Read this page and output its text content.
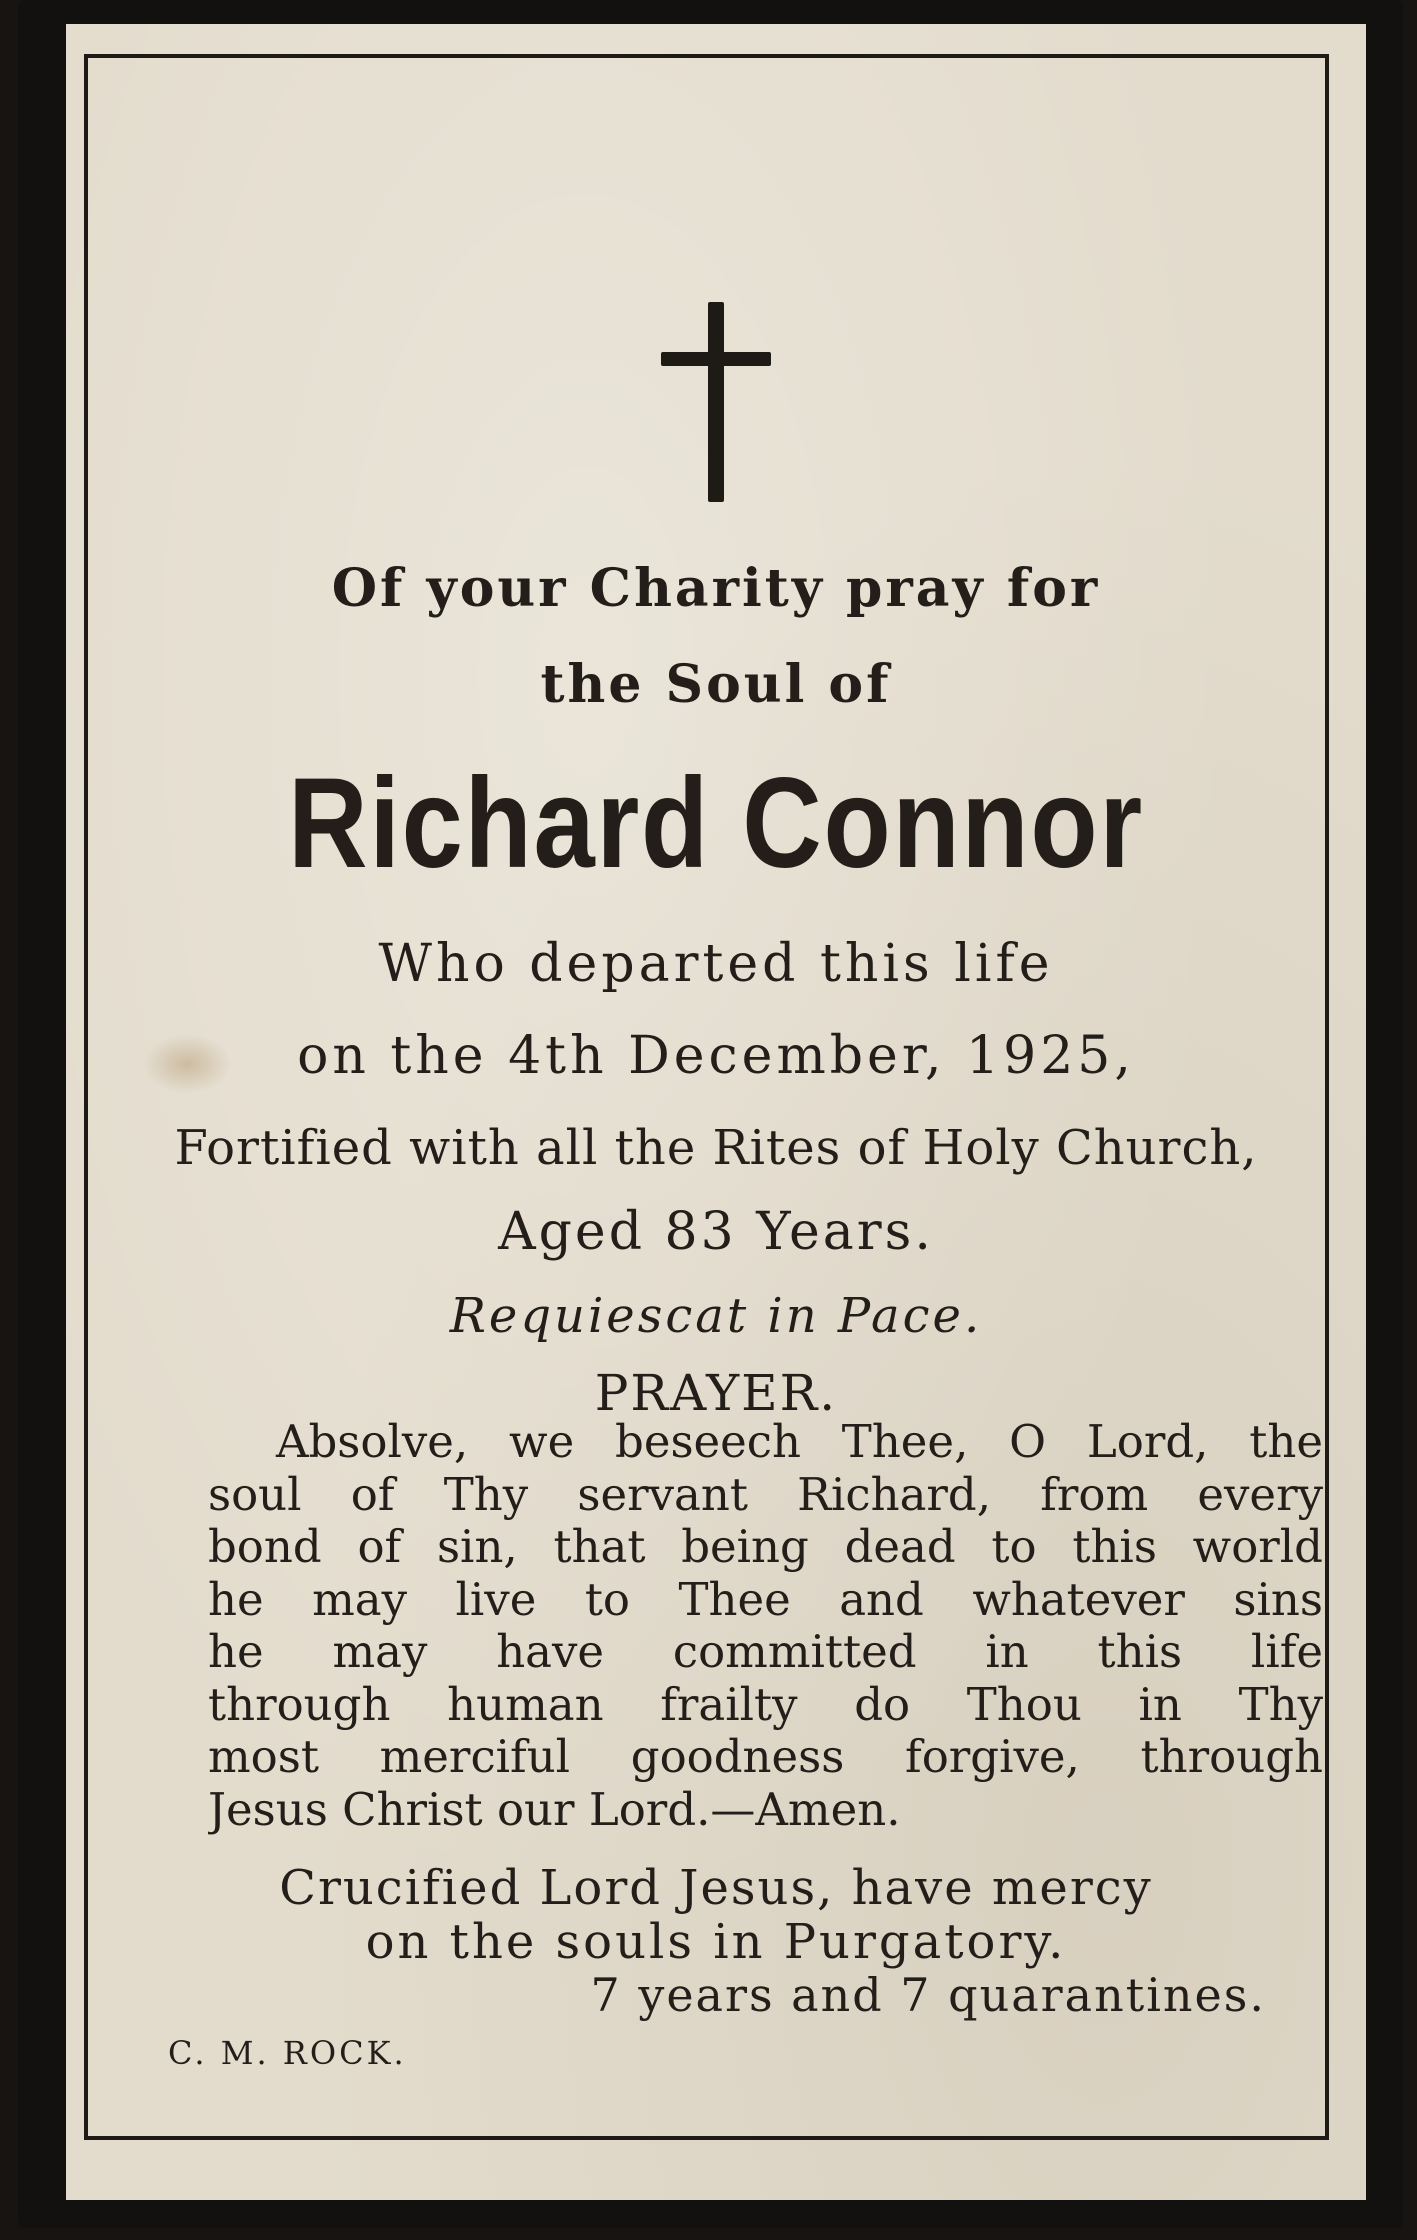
Of your Charity pray for
the Soul of
Richard Connor
Who departed this life
on the 4th December, 1925,
Fortified with all the Rites of Holy Church,
Aged 83 Years.
Requiescat in Pace.
PRAYER.
Absolve, we beseech Thee, O Lord, the
soul of Thy servant Richard, from every
bond of sin, that being dead to this world
he may live to Thee and whatever sins
he may have committed in this life
through human frailty do Thou in Thy
most merciful goodness forgive, through
Jesus Christ our Lord.—Amen.
Crucified Lord Jesus, have mercy
on the souls in Purgatory.
7 years and 7 quarantines.
C. M. ROCK.
